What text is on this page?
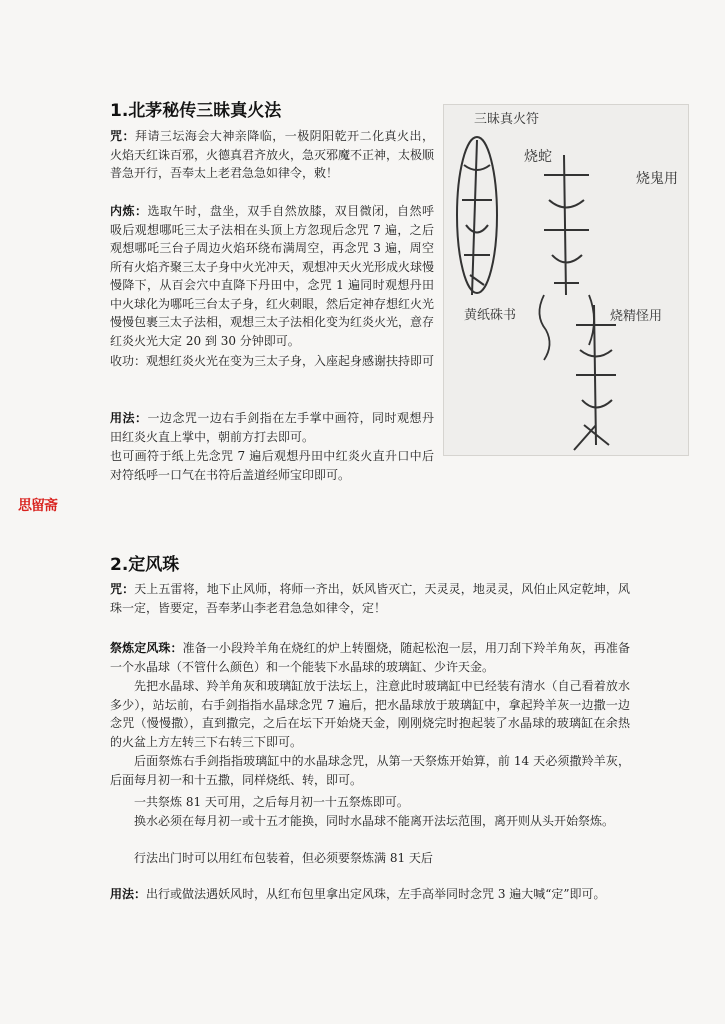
1.北茅秘传三昧真火法

咒：拜请三坛海会大神亲降临，一极阴阳乾开二化真火出，火焰天红诛百邪，火德真君齐放火，急灭邪魔不正神，太极顺普急开行，吾奉太上老君急急如律令，敕！

内炼：选取午时，盘坐，双手自然放膝，双目微闭，自然呼吸后观想哪吒三太子法相在头顶上方忽现后念咒 7 遍，之后观想哪吒三台子周边火焰环绕布满周空，再念咒 3 遍，周空所有火焰齐聚三太子身中火光冲天，观想冲天火光形成火球慢慢降下，从百会穴中直降下丹田中，念咒 1 遍同时观想丹田中火球化为哪吒三台太子身，红火刺眼，然后定神存想红火光慢慢包裹三太子法相，观想三太子法相化变为红炎火光，意存红炎火光大定 20 到 30 分钟即可。

收功：观想红炎火光在变为三太子身，入座起身感谢扶持即可

用法：一边念咒一边右手剑指在左手掌中画符，同时观想丹田红炎火直上掌中，朝前方打去即可。

也可画符于纸上先念咒 7 遍后观想丹田中红炎火直升口中后对符纸呼一口气在书符后盖道经师宝印即可。

三昧真火符
烧蛇
烧鬼用
黄纸硃书	烧精怪用
思留斋
2.定风珠

咒：天上五雷将，地下止风师，将师一齐出，妖风皆灭亡，天灵灵，地灵灵，风伯止风定乾坤，风珠一定，皆要定，吾奉茅山李老君急急如律令，定！

祭炼定风珠：准备一小段羚羊角在烧红的炉上转圈烧，随起松泡一层，用刀刮下羚羊角灰，再准备一个水晶球（不管什么颜色）和一个能装下水晶球的玻璃缸、少许天金。

先把水晶球、羚羊角灰和玻璃缸放于法坛上，注意此时玻璃缸中已经装有清水（自己看着放水多少），站坛前，右手剑指指水晶球念咒 7 遍后，把水晶球放于玻璃缸中，拿起羚羊灰一边撒一边念咒（慢慢撒），直到撒完，之后在坛下开始烧天金，刚刚烧完时抱起装了水晶球的玻璃缸在余热的火盆上方左转三下右转三下即可。

后面祭炼右手剑指指玻璃缸中的水晶球念咒，从第一天祭炼开始算，前 14 天必须撒羚羊灰，后面每月初一和十五撒，同样烧纸、转，即可。

一共祭炼 81 天可用，之后每月初一十五祭炼即可。

换水必须在每月初一或十五才能换，同时水晶球不能离开法坛范围，离开则从头开始祭炼。

行法出门时可以用红布包装着，但必须要祭炼满 81 天后

用法：出行或做法遇妖风时，从红布包里拿出定风珠，左手高举同时念咒 3 遍大喊“定”即可。
